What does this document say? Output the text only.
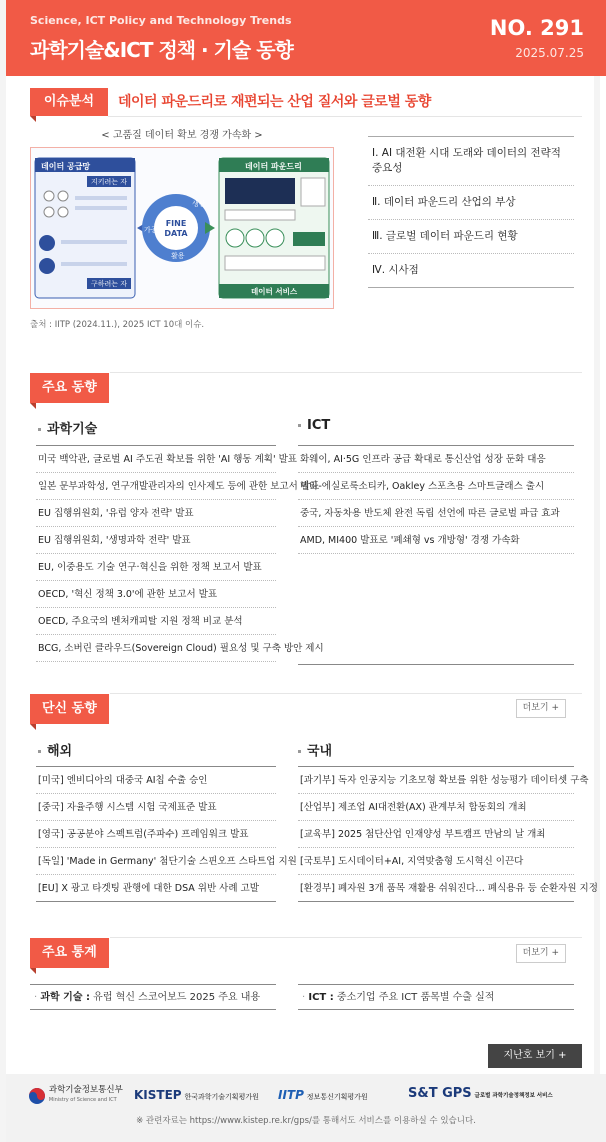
Science, ICT Policy and Technology Trends
과학기술&ICT 정책 · 기술 동향
NO. 291
2025.07.25
이슈분석	데이터 파운드리로 재편되는 산업 질서와 글로벌 동향
< 고품질 데이터 확보 경쟁 가속화 >
데이터 공급망
지키려는 자
구하려는 자
FINE
DATA
생산
활용
가공
데이터 파운드리
데이터 서비스
출처 : IITP (2024.11.), 2025 ICT 10대 이슈.
Ⅰ. AI 대전환 시대 도래와 데이터의 전략적 중요성
Ⅱ. 데이터 파운드리 산업의 부상
Ⅲ. 글로벌 데이터 파운드리 현황
Ⅳ. 시사점
주요 동향
과학기술	ICT
미국 백악관, 글로벌 AI 주도권 확보를 위한 'AI 행동 계획' 발표
일본 문부과학성, 연구개발관리자의 인사제도 등에 관한 보고서 발표
EU 집행위원회, '유럽 양자 전략' 발표
EU 집행위원회, '생명과학 전략' 발표
EU, 이중용도 기술 연구·혁신을 위한 정책 보고서 발표
OECD, '혁신 정책 3.0'에 관한 보고서 발표
OECD, 주요국의 벤처캐피탈 지원 정책 비교 분석
BCG, 소버린 클라우드(Sovereign Cloud) 필요성 및 구축 방안 제시
화웨이, AI·5G 인프라 공급 확대로 통신산업 성장 둔화 대응
메타-에실로룩소티카, Oakley 스포츠용 스마트글래스 출시
중국, 자동차용 반도체 완전 독립 선언에 따른 글로벌 파급 효과
AMD, MI400 발표로 '폐쇄형 vs 개방형' 경쟁 가속화
단신 동향	더보기 +
해외	국내
[미국] 엔비디아의 대중국 AI칩 수출 승인
[중국] 자율주행 시스템 시험 국제표준 발표
[영국] 공공분야 스펙트럼(주파수) 프레임워크 발표
[독일] 'Made in Germany' 첨단기술 스핀오프 스타트업 지원
[EU] X 광고 타겟팅 관행에 대한 DSA 위반 사례 고발
[과기부] 독자 인공지능 기초모형 확보를 위한 성능평가 데이터셋 구축
[산업부] 제조업 AI대전환(AX) 관계부처 합동회의 개최
[교육부] 2025 첨단산업 인재양성 부트캠프 만남의 날 개최
[국토부] 도시데이터+AI, 지역맞춤형 도시혁신 이끈다
[환경부] 폐자원 3개 품목 재활용 쉬워진다… 폐식용유 등 순환자원 지정
주요 통계	더보기 +
· 과학 기술 : 유럽 혁신 스코어보드 2025 주요 내용	· ICT : 중소기업 주요 ICT 품목별 수출 실적
지난호 보기 +
과학기술정보통신부
Ministry of Science and ICT	KISTEP 한국과학기술기획평가원 IITP 정보통신기획평가원	S&T GPS 글로벌 과학기술정책정보 서비스
※ 관련자료는 https://www.kistep.re.kr/gps/를 통해서도 서비스를 이용하실 수 있습니다.
